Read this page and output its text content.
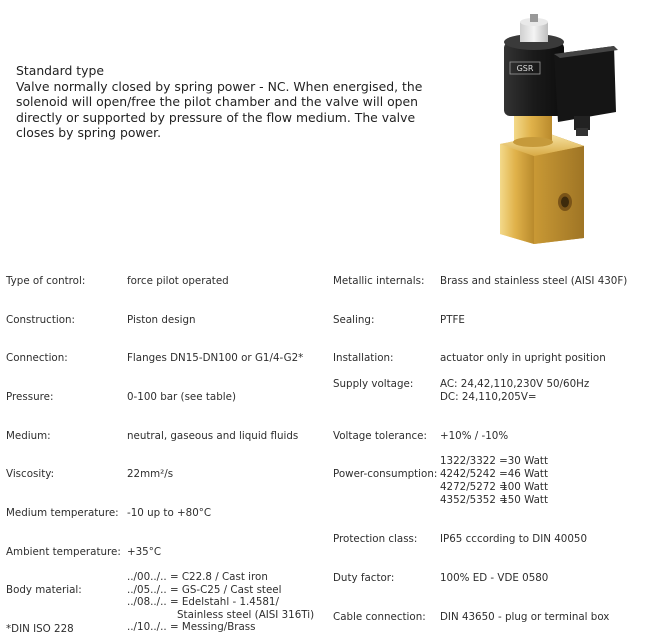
Standard type
Valve normally closed by spring power - NC. When energised, the solenoid will open/free the pilot chamber and the valve will open directly or supported by pressure of the flow medium. The valve closes by spring power.
GSR
Type of control:	force pilot operated
Construction:	Piston design
Connection:	Flanges DN15-DN100 or G1/4-G2*
Pressure:	0-100 bar (see table)
Medium:	neutral, gaseous and liquid fluids
Viscosity:	22mm²/s
Medium temperature: -10 up to +80°C
Ambient temperature: +35°C
Body material:
../00../.. = C22.8 / Cast iron
../05../.. = GS-C25 / Cast steel
../08../.. = Edelstahl - 1.4581/
Stainless steel (AISI 316Ti)
../10../.. = Messing/Brass
*DIN ISO 228
Metallic internals: Brass and stainless steel (AISI 430F)
Sealing:	PTFE
Installation:	actuator only in upright position
Supply voltage:	AC: 24,42,110,230V 50/60Hz
DC: 24,110,205V=
Voltage tolerance: +10% / -10%
Power-consumption:
1322/3322 =30 Watt
4242/5242 =46 Watt
4272/5272 =100 Watt
4352/5352 =150 Watt
Protection class: IP65 cccording to DIN 40050
Duty factor:	100% ED - VDE 0580
Cable connection: DIN 43650 - plug or terminal box
